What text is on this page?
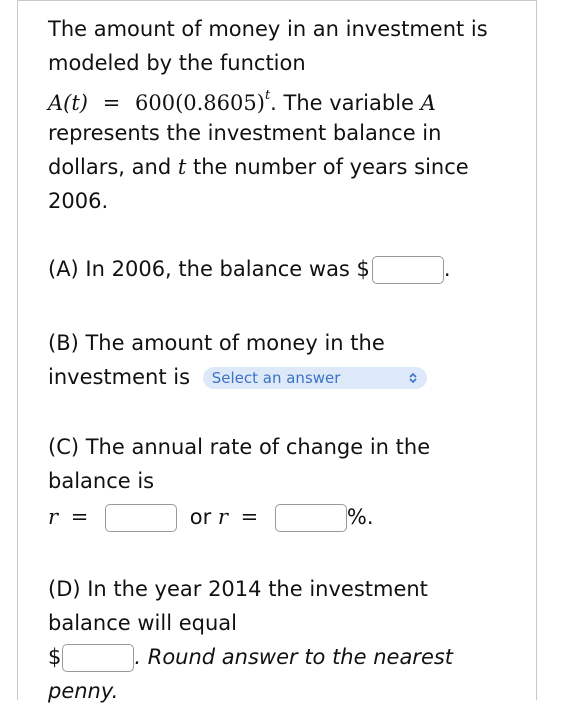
The amount of money in an investment is
modeled by the function
$A(t) = 600(0.8605)^t$. The variable A
represents the investment balance in
dollars, and t the number of years since
2006.
(A) In 2006, the balance was $	.
(B) The amount of money in the
investment is Select an answer
(C) The annual rate of change in the
balance is
r =	or r =	%.
(D) In the year 2014 the investment
balance will equal
$	. Round answer to the nearest
penny.
